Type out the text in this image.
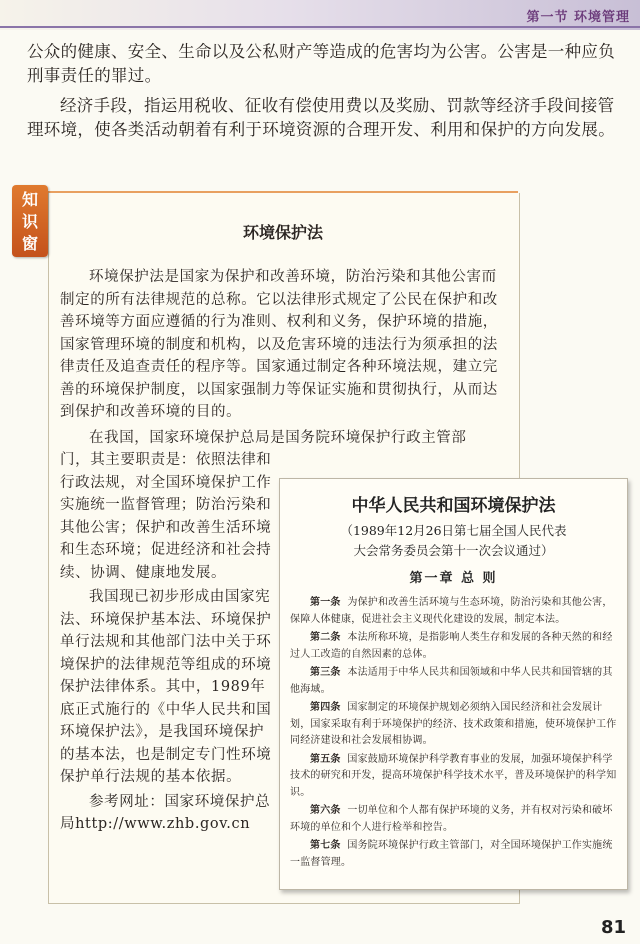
第一节 环境管理

公众的健康、安全、生命以及公私财产等造成的危害均为公害。公害是一种应负刑事责任的罪过。

经济手段，指运用税收、征收有偿使用费以及奖励、罚款等经济手段间接管理环境，使各类活动朝着有利于环境资源的合理开发、利用和保护的方向发展。

知
识
窗
环境保护法

环境保护法是国家为保护和改善环境，防治污染和其他公害而制定的所有法律规范的总称。它以法律形式规定了公民在保护和改善环境等方面应遵循的行为准则、权利和义务，保护环境的措施，国家管理环境的制度和机构，以及危害环境的违法行为须承担的法律责任及追查责任的程序等。国家通过制定各种环境法规，建立完善的环境保护制度，以国家强制力等保证实施和贯彻执行，从而达到保护和改善环境的目的。

在我国，国家环境保护总局是国务院环境保护行政主管部

门，其主要职责是：依照法律和行政法规，对全国环境保护工作实施统一监督管理；防治污染和其他公害；保护和改善生活环境和生态环境；促进经济和社会持续、协调、健康地发展。

我国现已初步形成由国家宪法、环境保护基本法、环境保护单行法规和其他部门法中关于环境保护的法律规范等组成的环境保护法律体系。其中，1989年底正式施行的《中华人民共和国环境保护法》，是我国环境保护的基本法，也是制定专门性环境保护单行法规的基本依据。

参考网址：国家环境保护总局http://www.zhb.gov.cn

中华人民共和国环境保护法
（1989年12月26日第七届全国人民代表
大会常务委员会第十一次会议通过）
第一章 总 则

第一条 为保护和改善生活环境与生态环境，防治污染和其他公害，保障人体健康，促进社会主义现代化建设的发展，制定本法。

第二条 本法所称环境，是指影响人类生存和发展的各种天然的和经过人工改造的自然因素的总体。

第三条 本法适用于中华人民共和国领域和中华人民共和国管辖的其他海域。

第四条 国家制定的环境保护规划必须纳入国民经济和社会发展计划，国家采取有利于环境保护的经济、技术政策和措施，使环境保护工作同经济建设和社会发展相协调。

第五条 国家鼓励环境保护科学教育事业的发展，加强环境保护科学技术的研究和开发，提高环境保护科学技术水平，普及环境保护的科学知识。

第六条 一切单位和个人都有保护环境的义务，并有权对污染和破坏环境的单位和个人进行检举和控告。

第七条 国务院环境保护行政主管部门，对全国环境保护工作实施统一监督管理。

81
